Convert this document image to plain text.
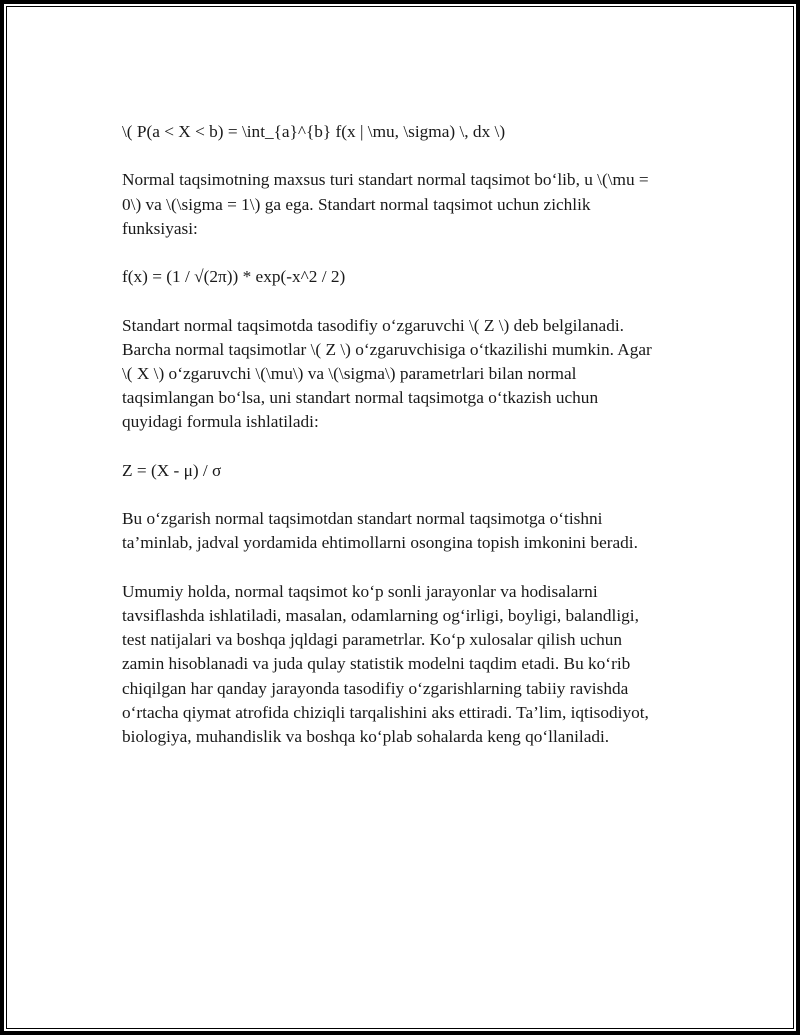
\( P(a < X < b) = \int_{a}^{b} f(x | \mu, \sigma) \, dx \)

Normal taqsimotning maxsus turi standart normal taqsimot bo‘lib, u \(\mu =
0\) va \(\sigma = 1\) ga ega. Standart normal taqsimot uchun zichlik
funksiyasi:

f(x) = (1 / √(2π)) * exp(-x^2 / 2)

Standart normal taqsimotda tasodifiy o‘zgaruvchi \( Z \) deb belgilanadi.
Barcha normal taqsimotlar \( Z \) o‘zgaruvchisiga o‘tkazilishi mumkin. Agar
\( X \) o‘zgaruvchi \(\mu\) va \(\sigma\) parametrlari bilan normal
taqsimlangan bo‘lsa, uni standart normal taqsimotga o‘tkazish uchun
quyidagi formula ishlatiladi:

Z = (X - μ) / σ

Bu o‘zgarish normal taqsimotdan standart normal taqsimotga o‘tishni
ta’minlab, jadval yordamida ehtimollarni osongina topish imkonini beradi.

Umumiy holda, normal taqsimot ko‘p sonli jarayonlar va hodisalarni
tavsiflashda ishlatiladi, masalan, odamlarning og‘irligi, boyligi, balandligi,
test natijalari va boshqa jqldagi parametrlar. Ko‘p xulosalar qilish uchun
zamin hisoblanadi va juda qulay statistik modelni taqdim etadi. Bu ko‘rib
chiqilgan har qanday jarayonda tasodifiy o‘zgarishlarning tabiiy ravishda
o‘rtacha qiymat atrofida chiziqli tarqalishini aks ettiradi. Ta’lim, iqtisodiyot,
biologiya, muhandislik va boshqa ko‘plab sohalarda keng qo‘llaniladi.
